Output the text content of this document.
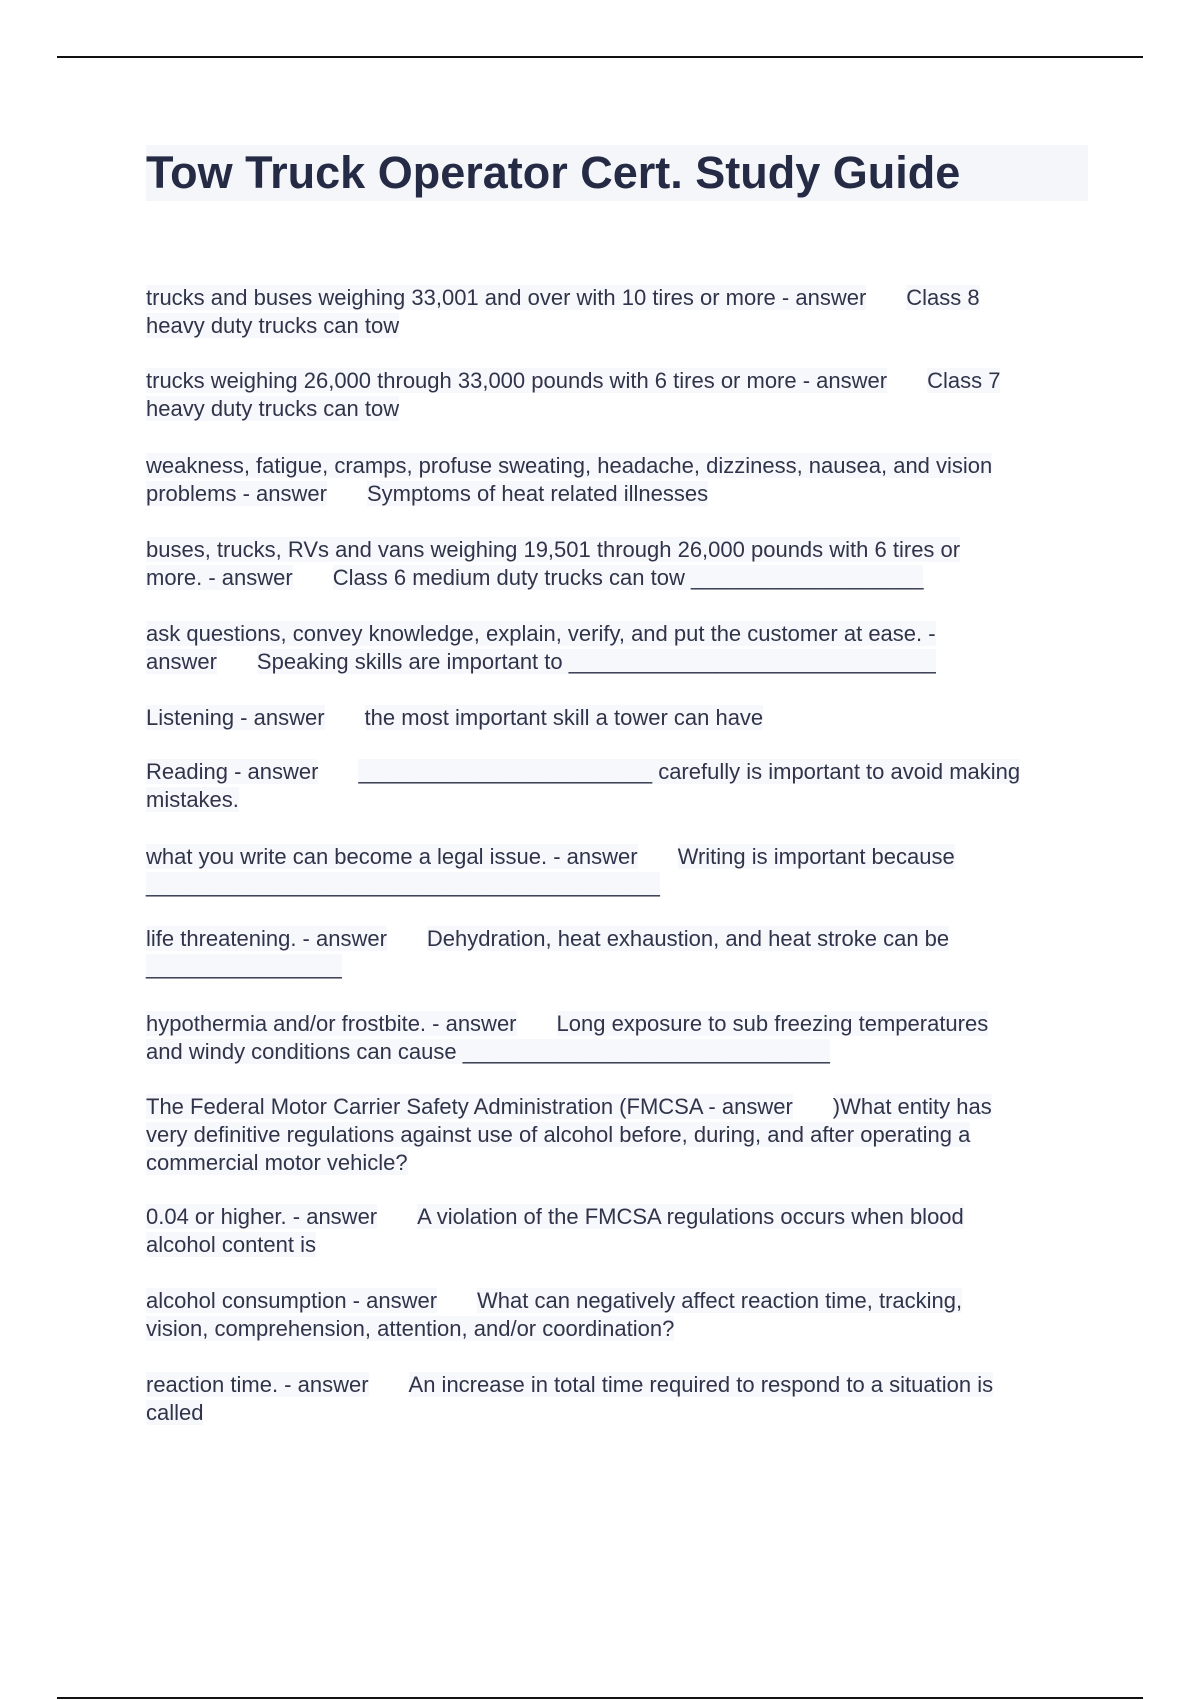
Tow Truck Operator Cert. Study Guide
trucks and buses weighing 33,001 and over with 10 tires or more - answer Class 8
heavy duty trucks can tow
trucks weighing 26,000 through 33,000 pounds with 6 tires or more - answer Class 7
heavy duty trucks can tow
weakness, fatigue, cramps, profuse sweating, headache, dizziness, nausea, and vision
problems - answer Symptoms of heat related illnesses
buses, trucks, RVs and vans weighing 19,501 through 26,000 pounds with 6 tires or
more. - answer Class 6 medium duty trucks can tow ___________________
ask questions, convey knowledge, explain, verify, and put the customer at ease. -
answer Speaking skills are important to ______________________________
Listening - answer the most important skill a tower can have
Reading - answer ________________________ carefully is important to avoid making
mistakes.
what you write can become a legal issue. - answer Writing is important because
__________________________________________
life threatening. - answer Dehydration, heat exhaustion, and heat stroke can be
________________
hypothermia and/or frostbite. - answer Long exposure to sub freezing temperatures
and windy conditions can cause ______________________________
The Federal Motor Carrier Safety Administration (FMCSA - answer )What entity has
very definitive regulations against use of alcohol before, during, and after operating a
commercial motor vehicle?
0.04 or higher. - answer A violation of the FMCSA regulations occurs when blood
alcohol content is
alcohol consumption - answer What can negatively affect reaction time, tracking,
vision, comprehension, attention, and/or coordination?
reaction time. - answer An increase in total time required to respond to a situation is
called
